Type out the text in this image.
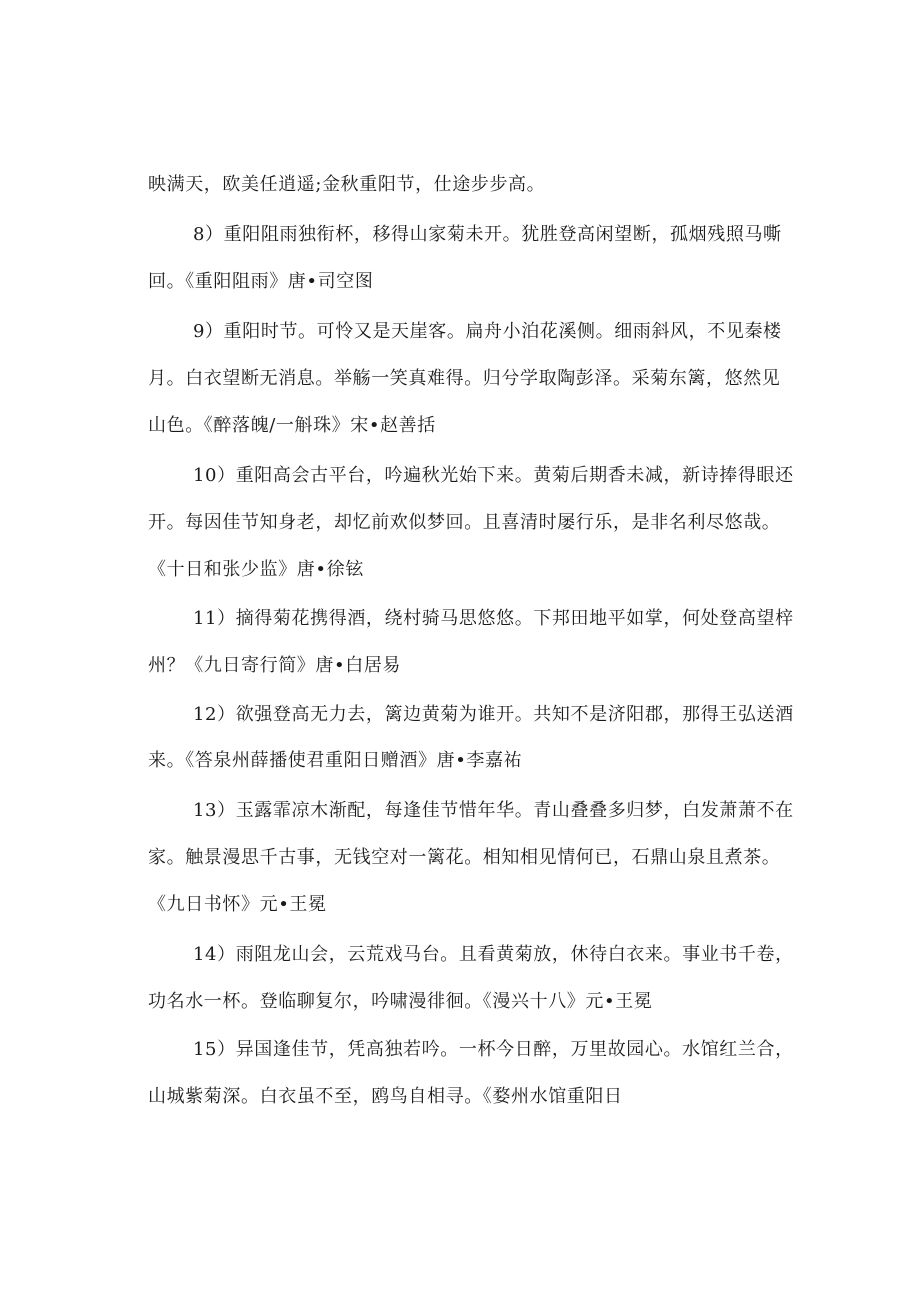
映满天，欧美任逍遥;金秋重阳节，仕途步步高。
8）重阳阻雨独衔杯，移得山家菊未开。犹胜登高闲望断，孤烟残照马嘶
回。《重阳阻雨》唐•司空图
9）重阳时节。可怜又是天崖客。扁舟小泊花溪侧。细雨斜风，不见秦楼
月。白衣望断无消息。举觞一笑真难得。归兮学取陶彭泽。采菊东篱，悠然见
山色。《醉落魄/一斛珠》宋•赵善括
10）重阳高会古平台，吟遍秋光始下来。黄菊后期香未减，新诗捧得眼还
开。每因佳节知身老，却忆前欢似梦回。且喜清时屡行乐，是非名利尽悠哉。
《十日和张少监》唐•徐铉
11）摘得菊花携得酒，绕村骑马思悠悠。下邦田地平如掌，何处登高望梓
州？《九日寄行简》唐•白居易
12）欲强登高无力去，篱边黄菊为谁开。共知不是济阳郡，那得王弘送酒
来。《答泉州薛播使君重阳日赠酒》唐•李嘉祐
13）玉露霏凉木渐配，每逢佳节惜年华。青山叠叠多归梦，白发萧萧不在
家。触景漫思千古事，无钱空对一篱花。相知相见情何已，石鼎山泉且煮茶。
《九日书怀》元•王冕
14）雨阻龙山会，云荒戏马台。且看黄菊放，休待白衣来。事业书千卷，
功名水一杯。登临聊复尔，吟啸漫徘徊。《漫兴十八》元•王冕
15）异国逢佳节，凭高独若吟。一杯今日醉，万里故园心。水馆红兰合，
山城紫菊深。白衣虽不至，鸥鸟自相寻。《婺州水馆重阳日
